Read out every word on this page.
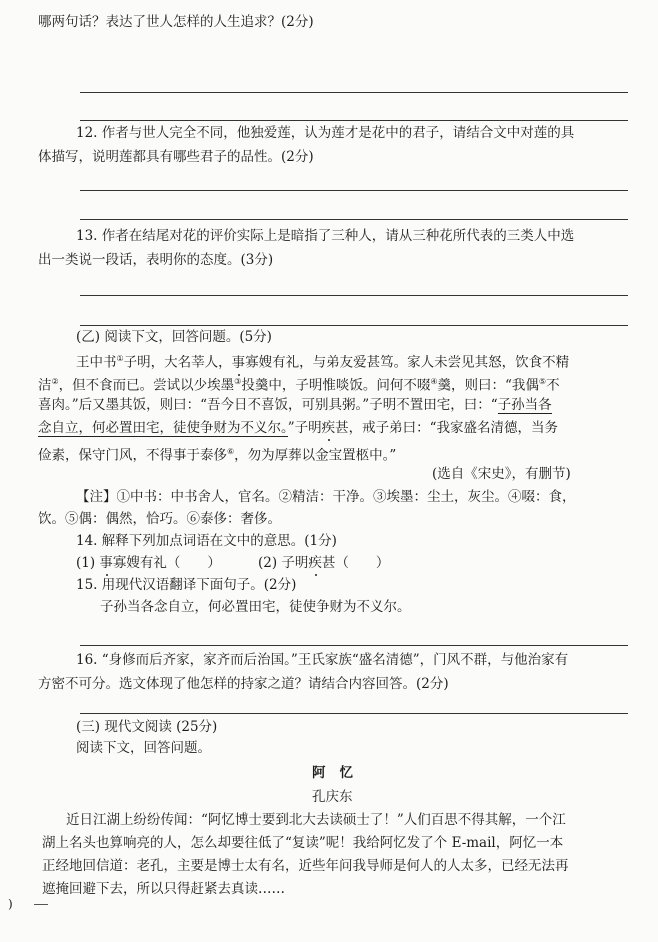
哪两句话？表达了世人怎样的人生追求？(2分)
12. 作者与世人完全不同，他独爱莲，认为莲才是花中的君子，请结合文中对莲的具
体描写，说明莲都具有哪些君子的品性。(2分)
13. 作者在结尾对花的评价实际上是暗指了三种人，请从三种花所代表的三类人中选
出一类说一段话，表明你的态度。(3分)
(乙) 阅读下文，回答问题。(5分)
王中书①子明，大名莘人，事寡嫂有礼，与弟友爱甚笃。家人未尝见其怒，饮食不精
洁②，但不食而已。尝试以少埃墨③投羹中，子明惟啖饭。问何不啜④羹，则曰：“我偶⑤不
喜肉。”后又墨其饭，则曰：“吾今日不喜饭，可别具粥。”子明不置田宅，曰：“子孙当各
念自立，何必置田宅，徒使争财为不义尔。”子明疾甚，戒子弟曰：“我家盛名清德，当务
俭素，保守门风，不得事于泰侈⑥，勿为厚葬以金宝置柩中。”
(选自《宋史》，有删节)
【注】①中书：中书舍人，官名。②精洁：干净。③埃墨：尘土，灰尘。④啜：食，
饮。⑤偶：偶然，恰巧。⑥泰侈：奢侈。
14. 解释下列加点词语在文中的意思。(1分)
(1) 事寡嫂有礼（　　）	(2) 子明疾甚（　　）
15. 用现代汉语翻译下面句子。(2分)
子孙当各念自立，何必置田宅，徒使争财为不义尔。
16. “身修而后齐家，家齐而后治国。”王氏家族“盛名清德”，门风不群，与他治家有
方密不可分。选文体现了他怎样的持家之道？请结合内容回答。(2分)
(三) 现代文阅读 (25分)
阅读下文，回答问题。
阿忆
孔庆东
近日江湖上纷纷传闻：“阿忆博士要到北大去读硕士了！”人们百思不得其解，一个江
湖上名头也算响亮的人，怎么却要往低了“复读”呢！我给阿忆发了个 E-mail，阿忆一本
正经地回信道：老孔，主要是博士太有名，近些年问我导师是何人的人太多，已经无法再
遮掩回避下去，所以只得赶紧去真读……
)
